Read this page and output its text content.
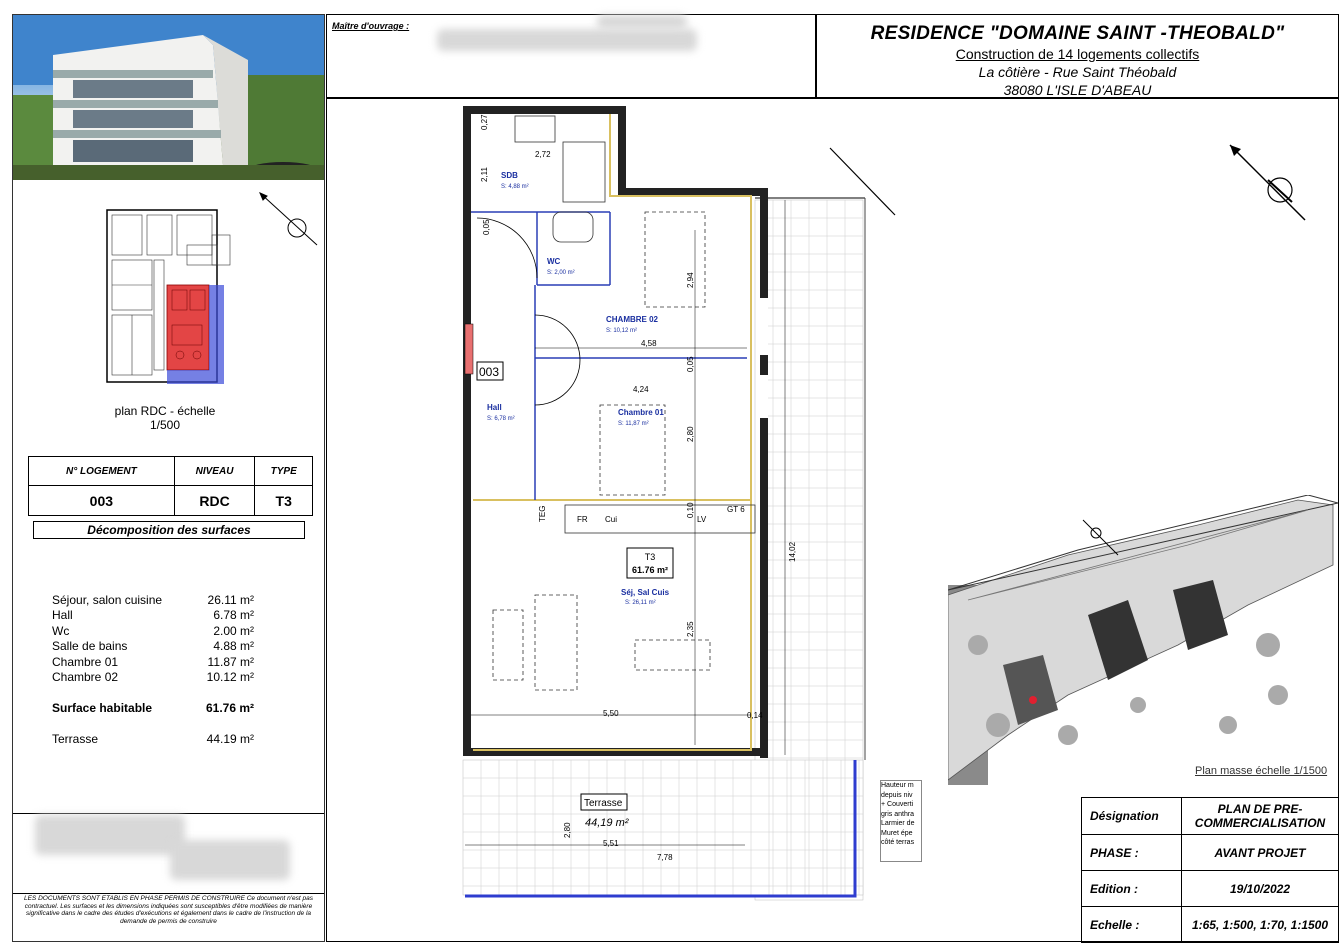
plan RDC - échelle 1/500
N° LOGEMENT	NIVEAU	TYPE
003	RDC	T3
Décomposition des surfaces
Séjour, salon cuisine	26.11 m²
Hall	6.78 m²
Wc	2.00 m²
Salle de bains	4.88 m²
Chambre 01	11.87 m²
Chambre 02	10.12 m²
Surface habitable	61.76 m²
Terrasse	44.19 m²
LES DOCUMENTS SONT ETABLIS EN PHASE PERMIS DE CONSTRUIRE Ce document n'est pas contractuel. Les surfaces et les dimensions indiquées sont susceptibles d'être modifiées de manière significative dans le cadre des études d'exécutions et également dans le cadre de l'instruction de la demande de permis de construire
Maître d'ouvrage :	RESIDENCE "DOMAINE SAINT -THEOBALD"
Construction de 14 logements collectifs
La côtière - Rue Saint Théobald
38080 L'ISLE D'ABEAU
SDB
S: 4,88 m²
WC
S: 2,00 m²
CHAMBRE 02
S: 10,12 m²
Chambre 01
S: 11,87 m²
Hall
S: 6,78 m²
Séj, Sal Cuis
S: 26,11 m²
003
T3
61.76 m²
Terrasse
44,19 m²
FR Cui	LV
GT 6
TEG
2,72
2,11
0,05
2,94
4,58
4,24
0,05
2,80
0,10
14,02
2,35
5,50	0,14
2,80
5,51
7,78
0,27
Hauteur m
depuis niv
+ Couverti
gris anthra
Larmier de
Muret épe
côté terras
Plan masse échelle 1/1500
Désignation	PLAN DE PRE-COMMERCIALISATION
PHASE :	AVANT PROJET
Edition :	19/10/2022
Echelle :	1:65, 1:500, 1:70, 1:1500
